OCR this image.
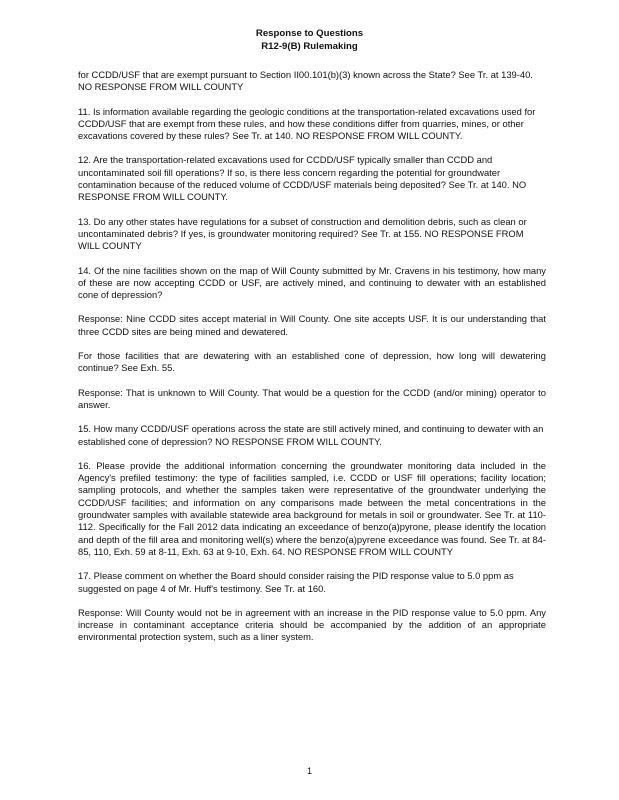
Response to Questions
R12-9(B) Rulemaking

for CCDD/USF that are exempt pursuant to Section II00.101(b)(3) known across the State? See Tr. at 139-40. NO RESPONSE FROM WILL COUNTY

11. Is information available regarding the geologic conditions at the transportation-related excavations used for CCDD/USF that are exempt from these rules, and how these conditions differ from quarries, mines, or other excavations covered by these rules? See Tr. at 140. NO RESPONSE FROM WILL COUNTY.

12. Are the transportation-related excavations used for CCDD/USF typically smaller than CCDD and uncontaminated soil fill operations? If so, is there less concern regarding the potential for groundwater contamination because of the reduced volume of CCDD/USF materials being deposited? See Tr. at 140. NO RESPONSE FROM WILL COUNTY.

13. Do any other states have regulations for a subset of construction and demolition debris, such as clean or uncontaminated debris? If yes, is groundwater monitoring required? See Tr. at 155. NO RESPONSE FROM WILL COUNTY

14. Of the nine facilities shown on the map of Will County submitted by Mr. Cravens in his testimony, how many of these are now accepting CCDD or USF, are actively mined, and continuing to dewater with an established cone of depression?

Response: Nine CCDD sites accept material in Will County. One site accepts USF. It is our understanding that three CCDD sites are being mined and dewatered.

For those facilities that are dewatering with an established cone of depression, how long will dewatering continue? See Exh. 55.

Response: That is unknown to Will County. That would be a question for the CCDD (and/or mining) operator to answer.

15. How many CCDD/USF operations across the state are still actively mined, and continuing to dewater with an established cone of depression? NO RESPONSE FROM WILL COUNTY.

16. Please provide the additional information concerning the groundwater monitoring data included in the Agency's prefiled testimony: the type of facilities sampled, i.e. CCDD or USF fill operations; facility location; sampling protocols, and whether the samples taken were representative of the groundwater underlying the CCDD/USF facilities; and information on any comparisons made between the metal concentrations in the groundwater samples with available statewide area background for metals in soil or groundwater. See Tr. at 110-112. Specifically for the Fall 2012 data indicating an exceedance of benzo(a)pyrone, please identify the location and depth of the fill area and monitoring well(s) where the benzo(a)pyrene exceedance was found. See Tr. at 84-85, 110, Exh. 59 at 8-11, Exh. 63 at 9-10, Exh. 64. NO RESPONSE FROM WILL COUNTY

17. Please comment on whether the Board should consider raising the PID response value to 5.0 ppm as suggested on page 4 of Mr. Huff's testimony. See Tr. at 160.

Response: Will County would not be in agreement with an increase in the PID response value to 5.0 ppm. Any increase in contaminant acceptance criteria should be accompanied by the addition of an appropriate environmental protection system, such as a liner system.

1
